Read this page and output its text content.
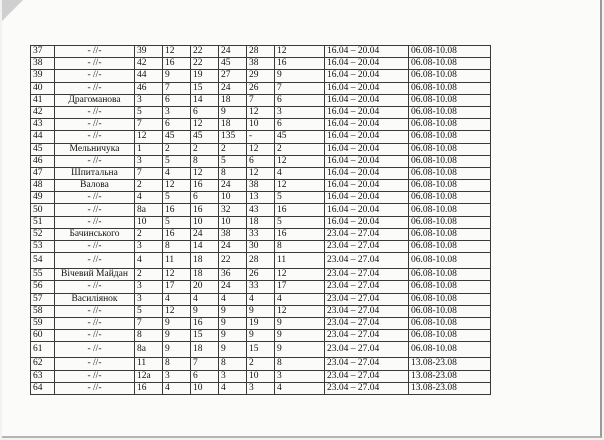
37	- //-	39	12	22	24	28	12	16.04 – 20.04	06.08-10.08
38	- //-	42	16	22	45	38	16	16.04 – 20.04	06.08-10.08
39	- //-	44	9	19	27	29	9	16.04 – 20.04	06.08-10.08
40	- //-	46	7	15	24	26	7	16.04 – 20.04	06.08-10.08
41	Драгоманова	3	6	14	18	7	6	16.04 – 20.04	06.08-10.08
42	- //-	5	3	6	9	12	3	16.04 – 20.04	06.08-10.08
43	- //-	7	6	12	18	10	6	16.04 – 20.04	06.08-10.08
44	- //-	12	45	45	135	-	45	16.04 – 20.04	06.08-10.08
45	Мельничука	1	2	2	2	12	2	16.04 – 20.04	06.08-10.08
46	- //-	3	5	8	5	6	12	16.04 – 20.04	06.08-10.08
47	Шпитальна	7	4	12	8	12	4	16.04 – 20.04	06.08-10.08
48	Валова	2	12	16	24	38	12	16.04 – 20.04	06.08-10.08
49	- //-	4	5	6	10	13	5	16.04 – 20.04	06.08-10.08
50	- //-	8a	16	16	32	43	16	16.04 – 20.04	06.08-10.08
51	- //-	10	5	10	10	18	5	16.04 – 20.04	06.08-10.08
52	Бачинського	2	16	24	38	33	16	23.04 – 27.04	06.08-10.08
53	- //-	3	8	14	24	30	8	23.04 – 27.04	06.08-10.08
54	- //-	4	11	18	22	28	11	23.04 – 27.04	06.08-10.08
55	Вічевий Майдан	2	12	18	36	26	12	23.04 – 27.04	06.08-10.08
56	- //-	3	17	20	24	33	17	23.04 – 27.04	06.08-10.08
57	Василіянок	3	4	4	4	4	4	23.04 – 27.04	06.08-10.08
58	- //-	5	12	9	9	9	12	23.04 – 27.04	06.08-10.08
59	- //-	7	9	16	9	19	9	23.04 – 27.04	06.08-10.08
60	- //-	8	9	15	9	9	9	23.04 – 27.04	06.08-10.08
61	- //-	8a	9	18	9	15	9	23.04 – 27.04	06.08-10.08
62	- //-	11	8	7	8	2	8	23.04 – 27.04	13.08-23.08
63	- //-	12a	3	6	3	10	3	23.04 – 27.04	13.08-23.08
64	- //-	16	4	10	4	3	4	23.04 – 27.04	13.08-23.08
